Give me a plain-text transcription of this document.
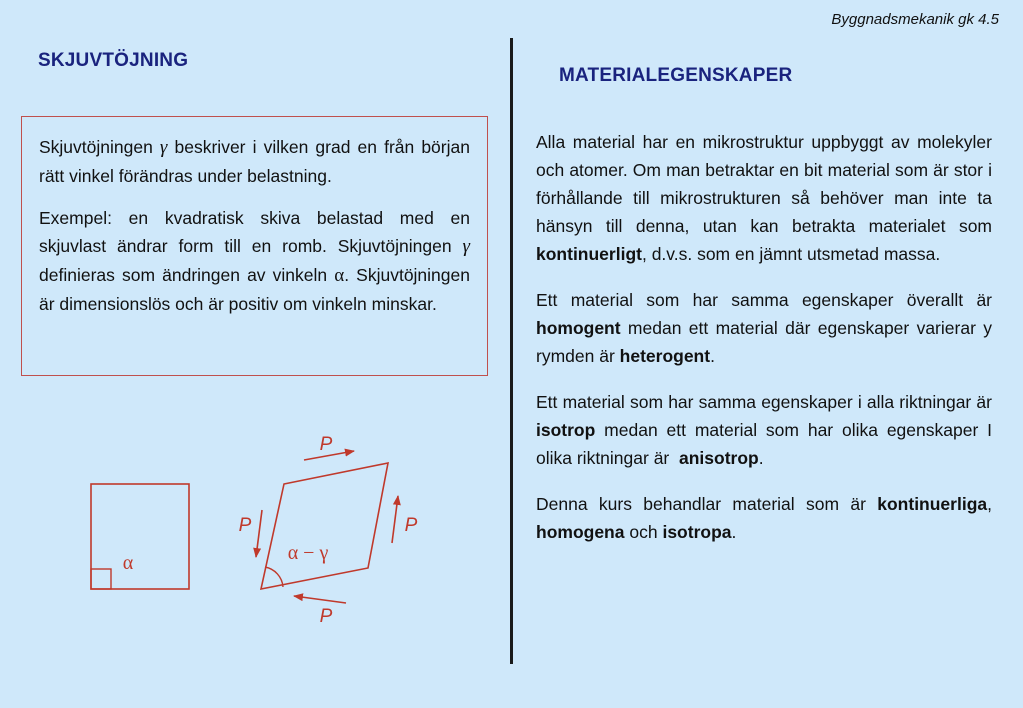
Byggnadsmekanik gk 4.5
SKJUVTÖJNING

Skjuvtöjningen γ beskriver i vilken grad en från början rätt vinkel förändras under belastning.

Exempel: en kvadratisk skiva belastad med en skjuvlast ändrar form till en romb. Skjuvtöjningen γ definieras som ändringen av vinkeln α. Skjuvtöjningen är dimensionslös och är positiv om vinkeln minskar.

α	α − γ
P
P	P
P
MATERIALEGENSKAPER

Alla material har en mikrostruktur uppbyggt av molekyler och atomer. Om man betraktar en bit material som är stor i förhållande till mikrostrukturen så behöver man inte ta hänsyn till denna, utan kan betrakta materialet som kontinuerligt, d.v.s. som en jämnt utsmetad massa.

Ett material som har samma egenskaper överallt är homogent medan ett material där egenskaper varierar y rymden är heterogent.

Ett material som har samma egenskaper i alla riktningar är isotrop medan ett material som har olika egenskaper I olika riktningar är anisotrop.

Denna kurs behandlar material som är kontinuerliga, homogena och isotropa.
